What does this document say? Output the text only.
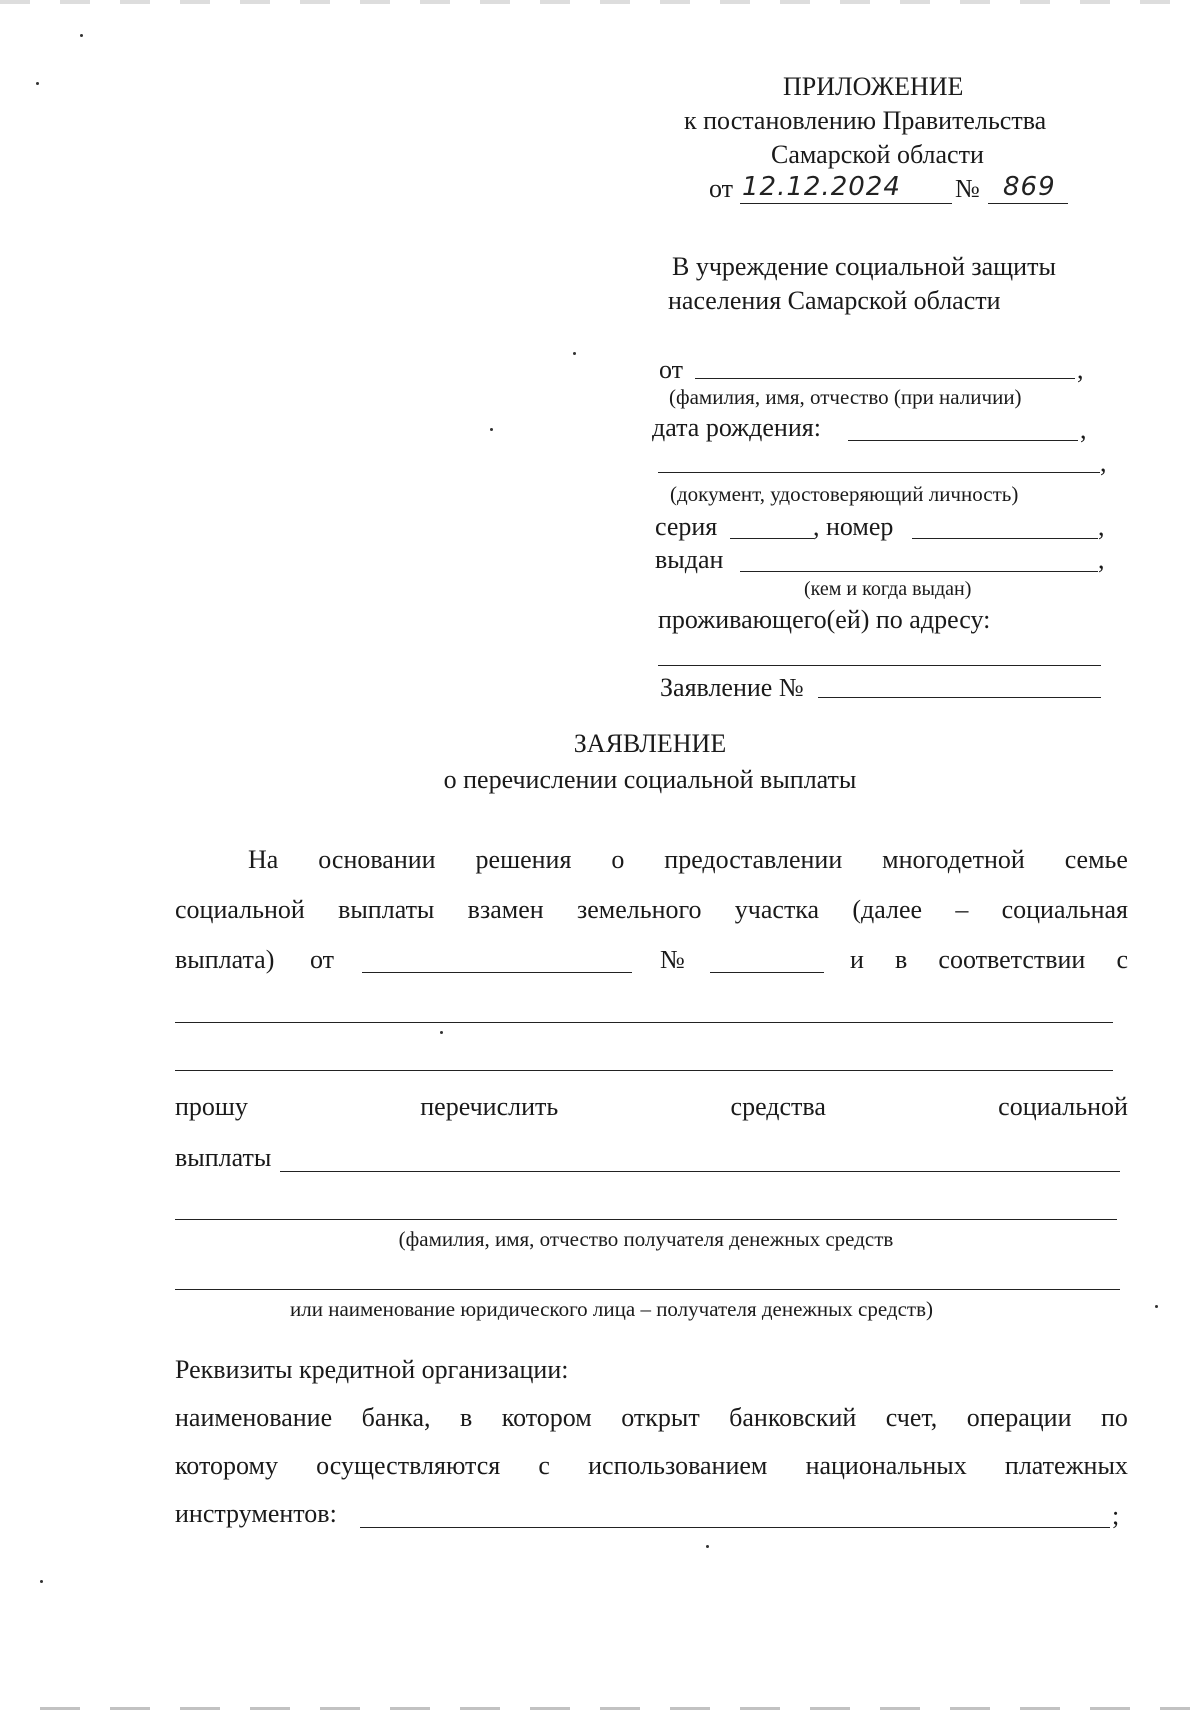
ПРИЛОЖЕНИЕ
к постановлению Правительства
Самарской области
от 12.12.2024 № 869
В учреждение социальной защиты
населения Самарской области
от	,
(фамилия, имя, отчество (при наличии)
дата рождения:	,
,
(документ, удостоверяющий личность)
серия	, номер	,
выдан	,
(кем и когда выдан)
проживающего(ей) по адресу:
Заявление №
ЗАЯВЛЕНИЕ
о перечислении социальной выплаты
На основании решения о предоставлении многодетной семье
социальной выплаты взамен земельного участка (далее – социальная
выплата) от	№	и в соответствии с
прошу	перечислить	средства	социальной
выплаты
(фамилия, имя, отчество получателя денежных средств
или наименование юридического лица – получателя денежных средств)
Реквизиты кредитной организации:
наименование банка, в котором открыт банковский счет, операции по
которому осуществляются с использованием национальных платежных
инструментов:	;
